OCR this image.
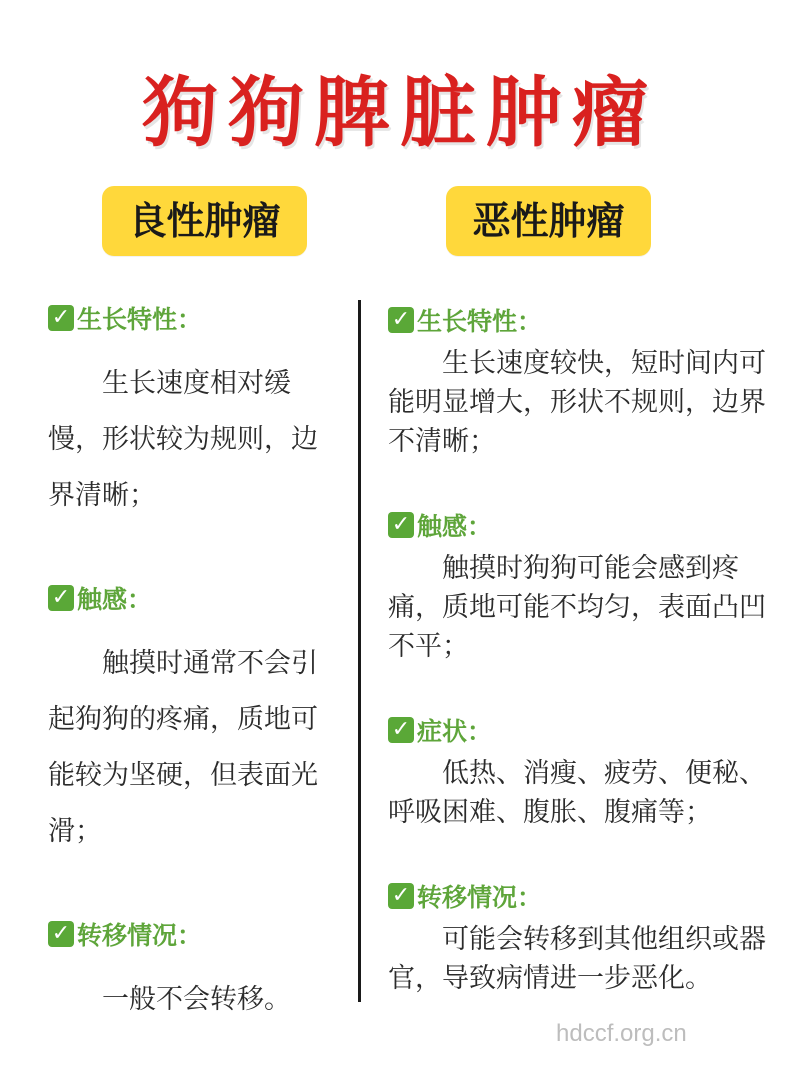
狗狗脾脏肿瘤
良性肿瘤	恶性肿瘤
✓ 生长特性：

生长速度相对缓慢，形状较为规则，边界清晰；

✓ 触感：

触摸时通常不会引起狗狗的疼痛，质地可能较为坚硬，但表面光滑；

✓ 转移情况：

一般不会转移。

✓ 生长特性：

生长速度较快，短时间内可能明显增大，形状不规则，边界不清晰；

✓ 触感：

触摸时狗狗可能会感到疼痛，质地可能不均匀，表面凸凹不平；

✓ 症状：

低热、消瘦、疲劳、便秘、呼吸困难、腹胀、腹痛等；

✓ 转移情况：

可能会转移到其他组织或器官，导致病情进一步恶化。

hdccf.org.cn
